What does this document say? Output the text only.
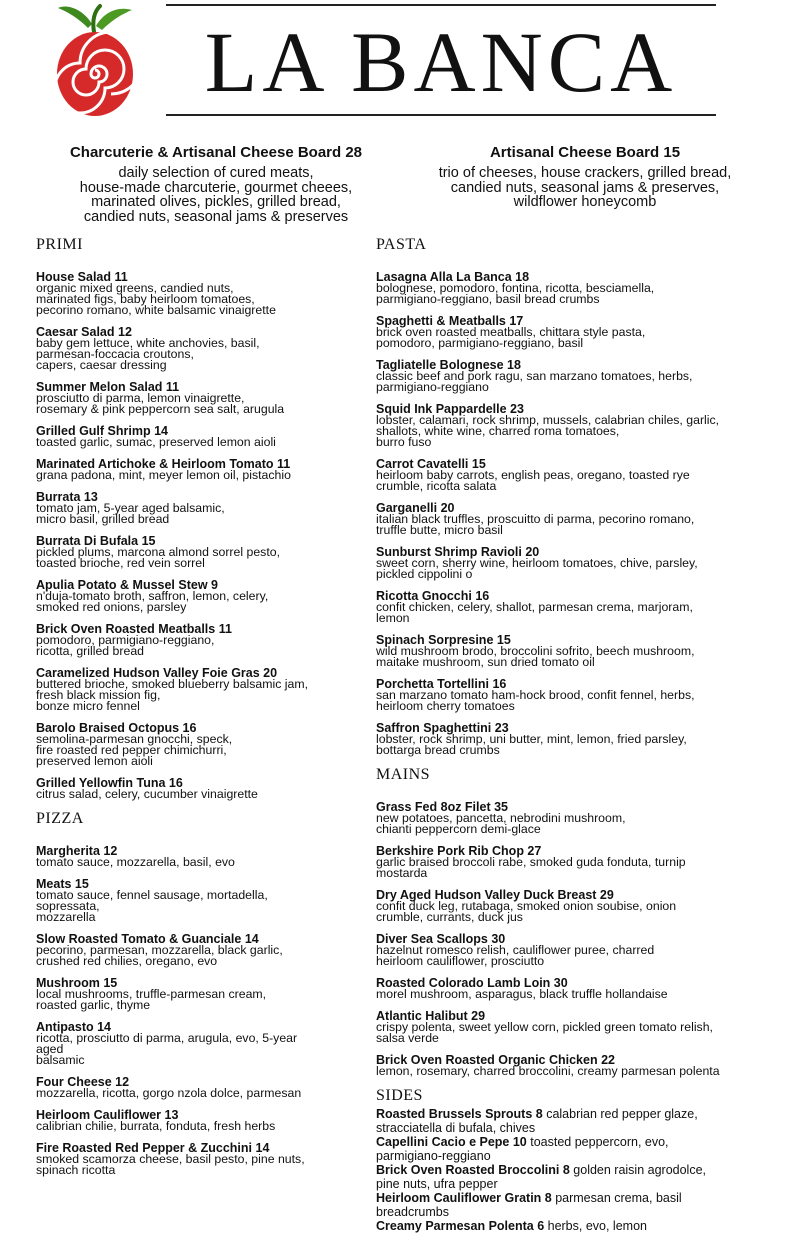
LA BANCA
Charcuterie & Artisanal Cheese Board 28
daily selection of cured meats,
house-made charcuterie, gourmet cheees,
marinated olives, pickles, grilled bread,
candied nuts, seasonal jams & preserves
Artisanal Cheese Board 15
trio of cheeses, house crackers, grilled bread,
candied nuts, seasonal jams & preserves,
wildflower honeycomb
PRIMI
House Salad 11
organic mixed greens, candied nuts,
marinated figs, baby heirloom tomatoes,
pecorino romano, white balsamic vinaigrette
Caesar Salad 12
baby gem lettuce, white anchovies, basil,
parmesan-foccacia croutons,
capers, caesar dressing
Summer Melon Salad 11
prosciutto di parma, lemon vinaigrette,
rosemary & pink peppercorn sea salt, arugula
Grilled Gulf Shrimp 14
toasted garlic, sumac, preserved lemon aioli
Marinated Artichoke & Heirloom Tomato 11
grana padona, mint, meyer lemon oil, pistachio
Burrata 13
tomato jam, 5-year aged balsamic,
micro basil, grilled bread
Burrata Di Bufala 15
pickled plums, marcona almond sorrel pesto,
toasted brioche, red vein sorrel
Apulia Potato & Mussel Stew 9
n'duja-tomato broth, saffron, lemon, celery,
smoked red onions, parsley
Brick Oven Roasted Meatballs 11
pomodoro, parmigiano-reggiano,
ricotta, grilled bread
Caramelized Hudson Valley Foie Gras 20
buttered brioche, smoked blueberry balsamic jam,
fresh black mission fig,
bonze micro fennel
Barolo Braised Octopus 16
semolina-parmesan gnocchi, speck,
fire roasted red pepper chimichurri,
preserved lemon aioli
Grilled Yellowfin Tuna 16
citrus salad, celery, cucumber vinaigrette
PIZZA
Margherita 12
tomato sauce, mozzarella, basil, evo
Meats 15
tomato sauce, fennel sausage, mortadella,
sopressata,
mozzarella
Slow Roasted Tomato & Guanciale 14
pecorino, parmesan, mozzarella, black garlic,
crushed red chilies, oregano, evo
Mushroom 15
local mushrooms, truffle-parmesan cream,
roasted garlic, thyme
Antipasto 14
ricotta, prosciutto di parma, arugula, evo, 5-year
aged
balsamic
Four Cheese 12
mozzarella, ricotta, gorgo nzola dolce, parmesan
Heirloom Cauliflower 13
calibrian chilie, burrata, fonduta, fresh herbs
Fire Roasted Red Pepper & Zucchini 14
smoked scamorza cheese, basil pesto, pine nuts,
spinach ricotta
PASTA
Lasagna Alla La Banca 18
bolognese, pomodoro, fontina, ricotta, besciamella,
parmigiano-reggiano, basil bread crumbs
Spaghetti & Meatballs 17
brick oven roasted meatballs, chittara style pasta,
pomodoro, parmigiano-reggiano, basil
Tagliatelle Bolognese 18
classic beef and pork ragu, san marzano tomatoes, herbs,
parmigiano-reggiano
Squid Ink Pappardelle 23
lobster, calamari, rock shrimp, mussels, calabrian chiles, garlic,
shallots, white wine, charred roma tomatoes,
burro fuso
Carrot Cavatelli 15
heirloom baby carrots, english peas, oregano, toasted rye
crumble, ricotta salata
Garganelli 20
italian black truffles, proscuitto di parma, pecorino romano,
truffle butte, micro basil
Sunburst Shrimp Ravioli 20
sweet corn, sherry wine, heirloom tomatoes, chive, parsley,
pickled cippolini o
Ricotta Gnocchi 16
confit chicken, celery, shallot, parmesan crema, marjoram,
lemon
Spinach Sorpresine 15
wild mushroom brodo, broccolini sofrito, beech mushroom,
maitake mushroom, sun dried tomato oil
Porchetta Tortellini 16
san marzano tomato ham-hock brood, confit fennel, herbs,
heirloom cherry tomatoes
Saffron Spaghettini 23
lobster, rock shrimp, uni butter, mint, lemon, fried parsley,
bottarga bread crumbs
MAINS
Grass Fed 8oz Filet 35
new potatoes, pancetta, nebrodini mushroom,
chianti peppercorn demi-glace
Berkshire Pork Rib Chop 27
garlic braised broccoli rabe, smoked guda fonduta, turnip
mostarda
Dry Aged Hudson Valley Duck Breast 29
confit duck leg, rutabaga, smoked onion soubise, onion
crumble, currants, duck jus
Diver Sea Scallops 30
hazelnut romesco relish, cauliflower puree, charred
heirloom cauliflower, prosciutto
Roasted Colorado Lamb Loin 30
morel mushroom, asparagus, black truffle hollandaise
Atlantic Halibut 29
crispy polenta, sweet yellow corn, pickled green tomato relish,
salsa verde
Brick Oven Roasted Organic Chicken 22
lemon, rosemary, charred broccolini, creamy parmesan polenta
SIDES
Roasted Brussels Sprouts 8 calabrian red pepper glaze,
stracciatella di bufala, chives
Capellini Cacio e Pepe 10 toasted peppercorn, evo,
parmigiano-reggiano
Brick Oven Roasted Broccolini 8 golden raisin agrodolce,
pine nuts, ufra pepper
Heirloom Cauliflower Gratin 8 parmesan crema, basil
breadcrumbs
Creamy Parmesan Polenta 6 herbs, evo, lemon
